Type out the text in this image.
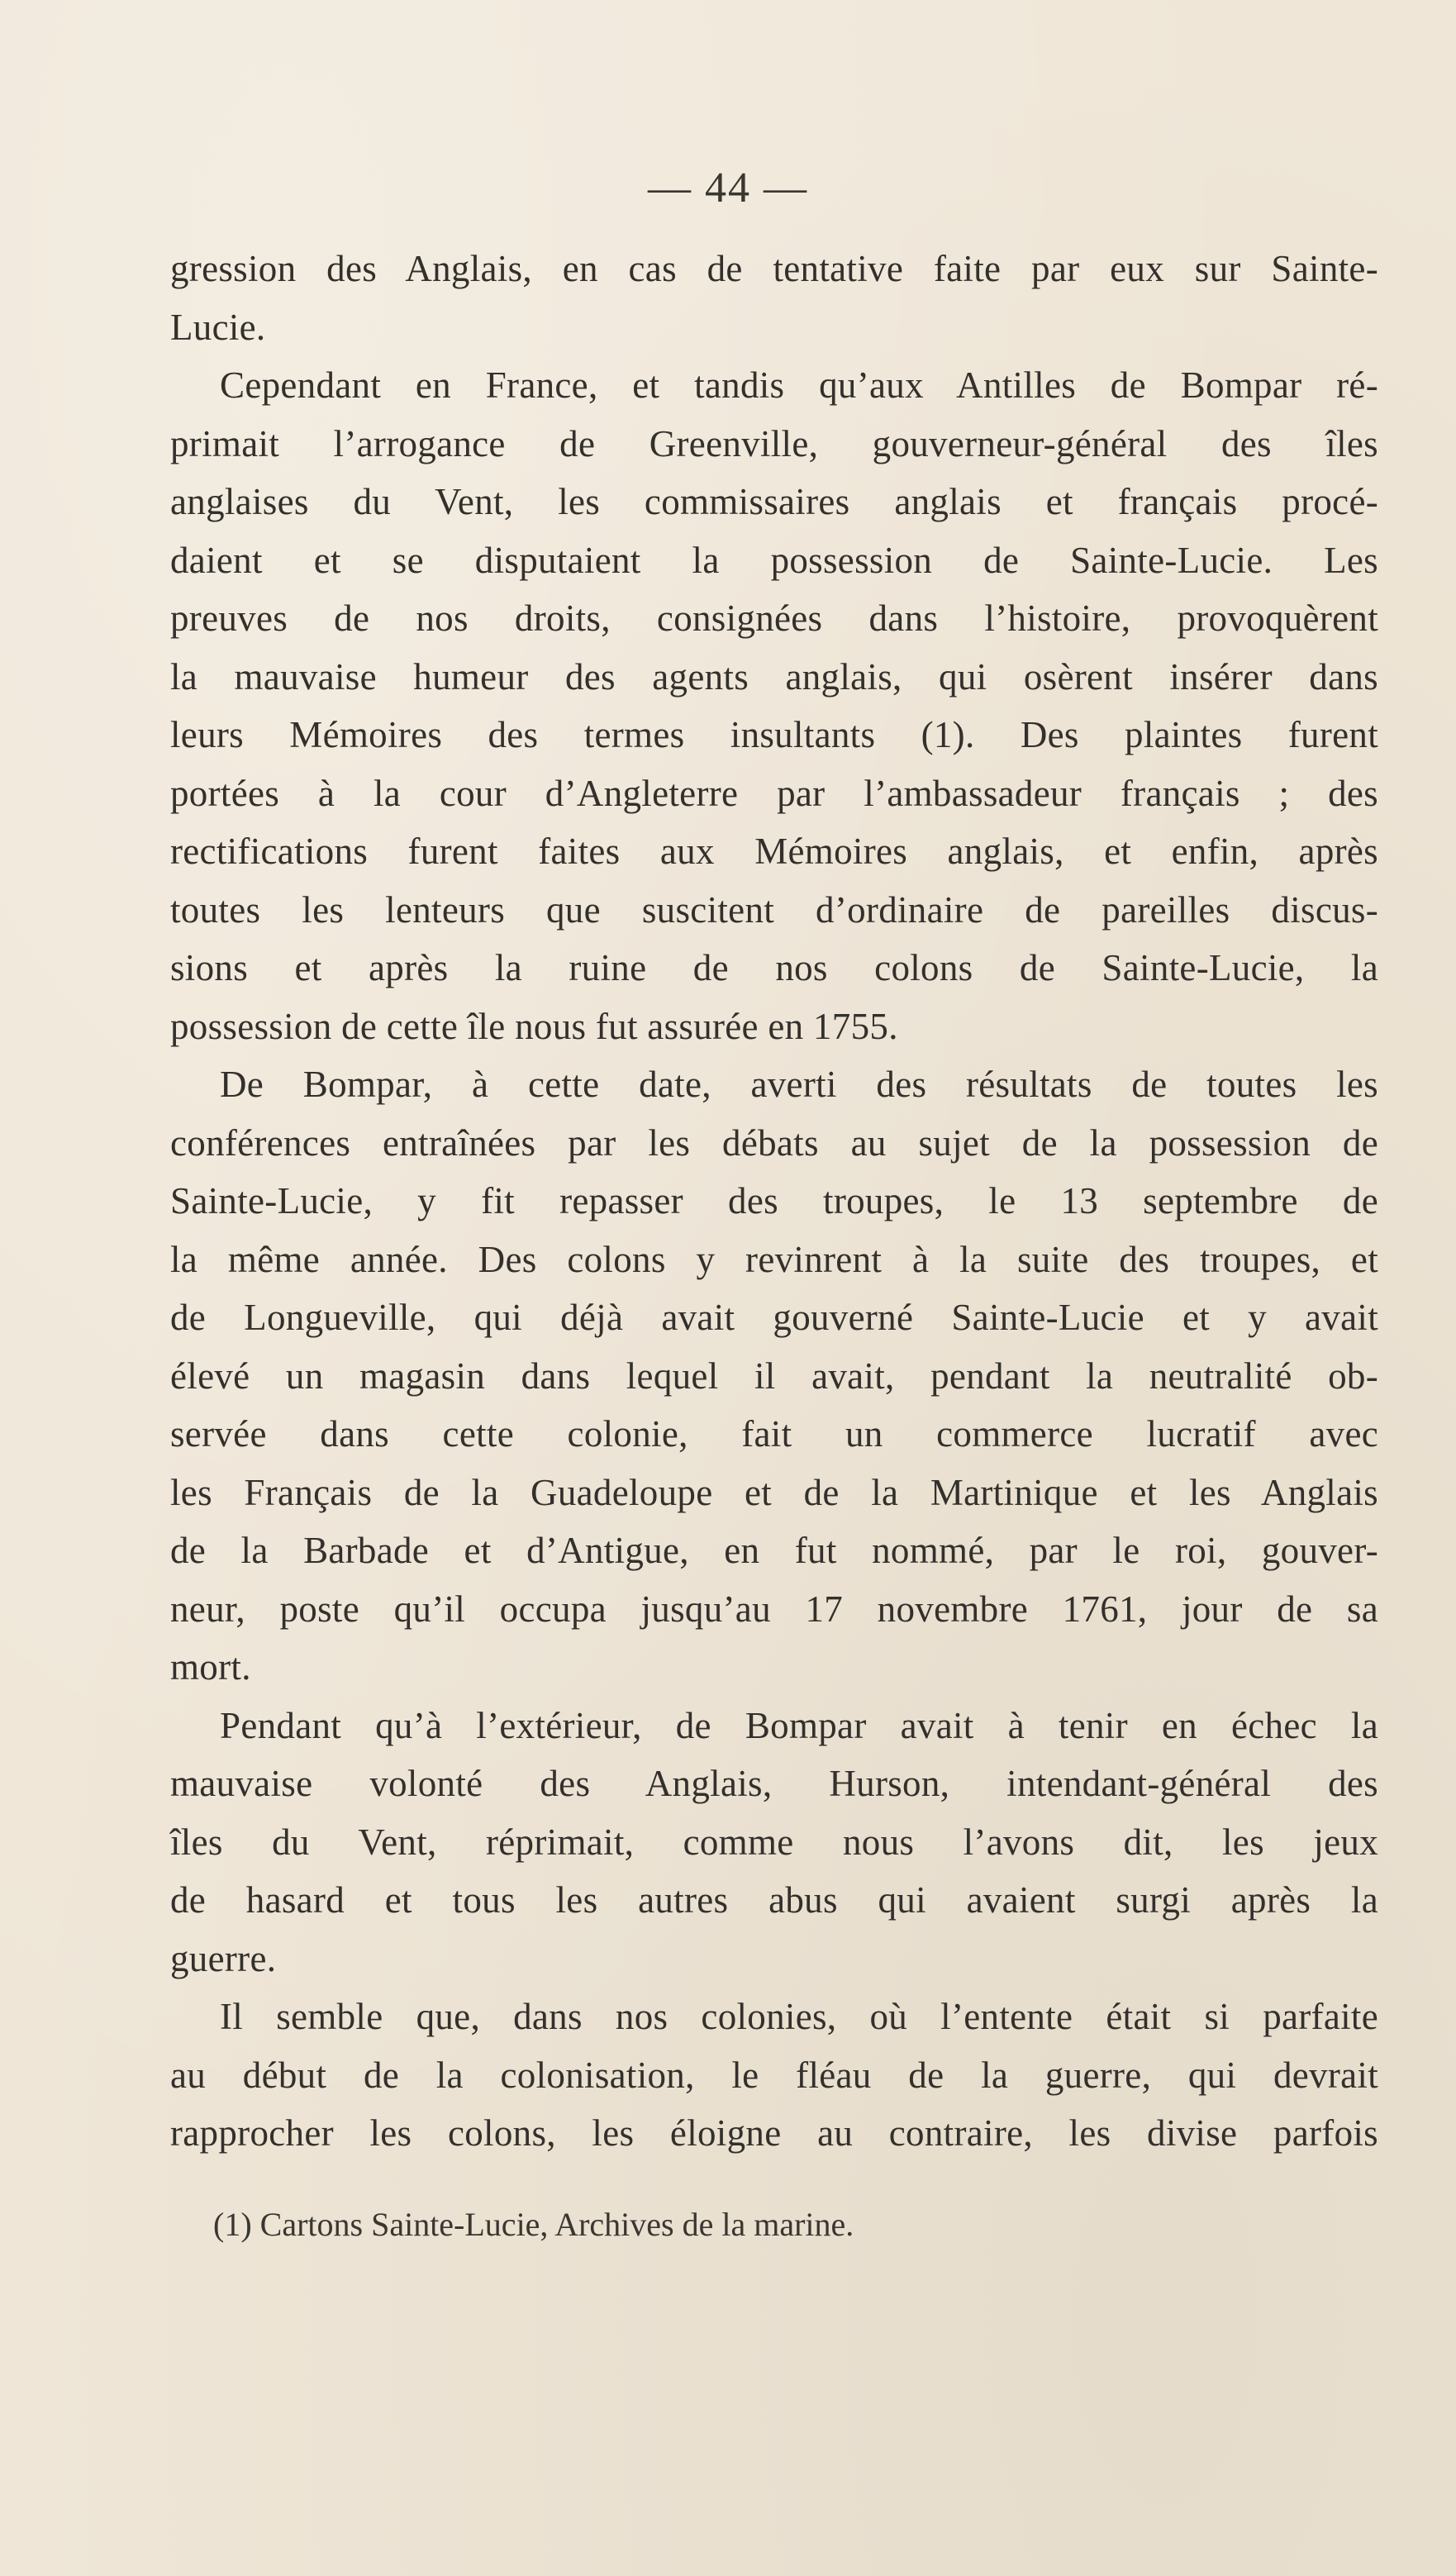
— 44 —
gression des Anglais, en cas de tentative faite par eux sur Sainte-
Lucie.
Cependant en France, et tandis qu’aux Antilles de Bompar ré-
primait l’arrogance de Greenville, gouverneur-général des îles
anglaises du Vent, les commissaires anglais et français procé-
daient et se disputaient la possession de Sainte-Lucie. Les
preuves de nos droits, consignées dans l’histoire, provoquèrent
la mauvaise humeur des agents anglais, qui osèrent insérer dans
leurs Mémoires des termes insultants (1). Des plaintes furent
portées à la cour d’Angleterre par l’ambassadeur français ; des
rectifications furent faites aux Mémoires anglais, et enfin, après
toutes les lenteurs que suscitent d’ordinaire de pareilles discus-
sions et après la ruine de nos colons de Sainte-Lucie, la
possession de cette île nous fut assurée en 1755.
De Bompar, à cette date, averti des résultats de toutes les
conférences entraînées par les débats au sujet de la possession de
Sainte-Lucie, y fit repasser des troupes, le 13 septembre de
la même année. Des colons y revinrent à la suite des troupes, et
de Longueville, qui déjà avait gouverné Sainte-Lucie et y avait
élevé un magasin dans lequel il avait, pendant la neutralité ob-
servée dans cette colonie, fait un commerce lucratif avec
les Français de la Guadeloupe et de la Martinique et les Anglais
de la Barbade et d’Antigue, en fut nommé, par le roi, gouver-
neur, poste qu’il occupa jusqu’au 17 novembre 1761, jour de sa
mort.
Pendant qu’à l’extérieur, de Bompar avait à tenir en échec la
mauvaise volonté des Anglais, Hurson, intendant-général des
îles du Vent, réprimait, comme nous l’avons dit, les jeux
de hasard et tous les autres abus qui avaient surgi après la
guerre.
Il semble que, dans nos colonies, où l’entente était si parfaite
au début de la colonisation, le fléau de la guerre, qui devrait
rapprocher les colons, les éloigne au contraire, les divise parfois
(1) Cartons Sainte-Lucie, Archives de la marine.
